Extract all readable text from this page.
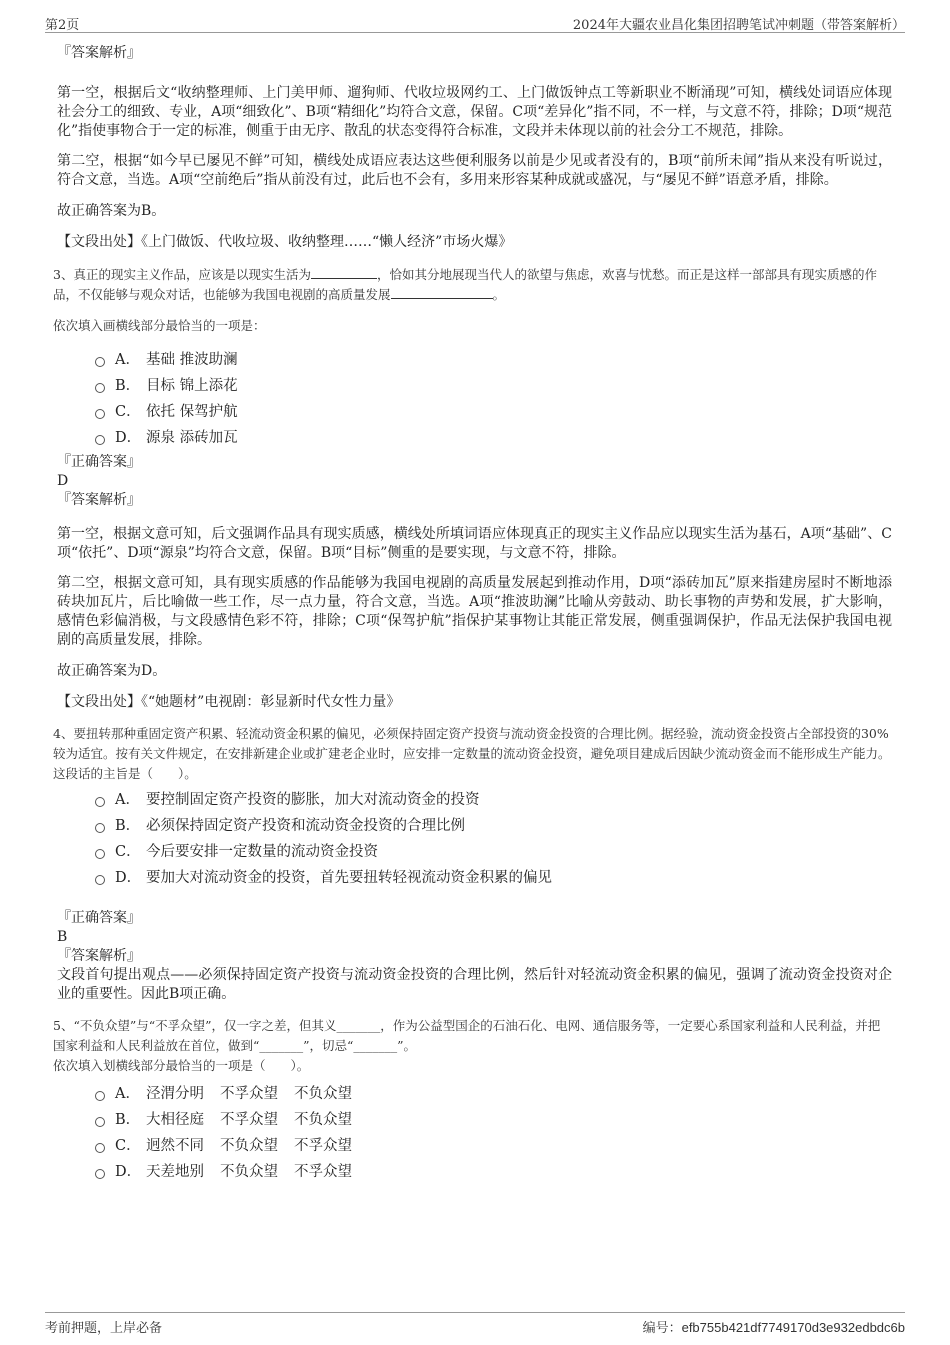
第2页	2024年大疆农业昌化集团招聘笔试冲刺题（带答案解析）
『答案解析』
第一空，根据后文“收纳整理师、上门美甲师、遛狗师、代收垃圾网约工、上门做饭钟点工等新职业不断涌现”可知，横线处词语应体现社会分工的细致、专业，A项“细致化”、B项“精细化”均符合文意，保留。C项“差异化”指不同，不一样，与文意不符，排除；D项“规范化”指使事物合于一定的标准，侧重于由无序、散乱的状态变得符合标准，文段并未体现以前的社会分工不规范，排除。
第二空，根据“如今早已屡见不鲜”可知，横线处成语应表达这些便利服务以前是少见或者没有的，B项“前所未闻”指从来没有听说过，符合文意，当选。A项“空前绝后”指从前没有过，此后也不会有，多用来形容某种成就或盛况，与“屡见不鲜”语意矛盾，排除。
故正确答案为B。
【文段出处】《上门做饭、代收垃圾、收纳整理……“懒人经济”市场火爆》
3、真正的现实主义作品，应该是以现实生活为	，恰如其分地展现当代人的欲望与焦虑，欢喜与忧愁。而正是这样一部部具有现实质感的作品，不仅能够与观众对话，也能够为我国电视剧的高质量发展	。
依次填入画横线部分最恰当的一项是：
A． 基础 推波助澜
B． 目标 锦上添花
C． 依托 保驾护航
D． 源泉 添砖加瓦
『正确答案』
D
『答案解析』
第一空，根据文意可知，后文强调作品具有现实质感，横线处所填词语应体现真正的现实主义作品应以现实生活为基石，A项“基础”、C项“依托”、D项“源泉”均符合文意，保留。B项“目标”侧重的是要实现，与文意不符，排除。
第二空，根据文意可知，具有现实质感的作品能够为我国电视剧的高质量发展起到推动作用，D项“添砖加瓦”原来指建房屋时不断地添砖块加瓦片，后比喻做一些工作，尽一点力量，符合文意，当选。A项“推波助澜”比喻从旁鼓动、助长事物的声势和发展，扩大影响，感情色彩偏消极，与文段感情色彩不符，排除；C项“保驾护航”指保护某事物让其能正常发展，侧重强调保护，作品无法保护我国电视剧的高质量发展，排除。
故正确答案为D。
【文段出处】《“她题材”电视剧：彰显新时代女性力量》
4、要扭转那种重固定资产积累、轻流动资金积累的偏见，必须保持固定资产投资与流动资金投资的合理比例。据经验，流动资金投资占全部投资的30%较为适宜。按有关文件规定，在安排新建企业或扩建老企业时，应安排一定数量的流动资金投资，避免项目建成后因缺少流动资金而不能形成生产能力。
这段话的主旨是（　　）。
A． 要控制固定资产投资的膨胀，加大对流动资金的投资
B． 必须保持固定资产投资和流动资金投资的合理比例
C． 今后要安排一定数量的流动资金投资
D． 要加大对流动资金的投资，首先要扭转轻视流动资金积累的偏见
『正确答案』
B
『答案解析』
文段首句提出观点——必须保持固定资产投资与流动资金投资的合理比例，然后针对轻流动资金积累的偏见，强调了流动资金投资对企业的重要性。因此B项正确。
5、“不负众望”与“不孚众望”，仅一字之差，但其义_______，作为公益型国企的石油石化、电网、通信服务等，一定要心系国家利益和人民利益，并把国家利益和人民利益放在首位，做到“_______”，切忌“_______”。
依次填入划横线部分最恰当的一项是（　　）。
A． 泾渭分明 不孚众望 不负众望
B． 大相径庭 不孚众望 不负众望
C． 迥然不同 不负众望 不孚众望
D． 天差地别 不负众望 不孚众望
考前押题，上岸必备	编号：efb755b421df7749170d3e932edbdc6b
